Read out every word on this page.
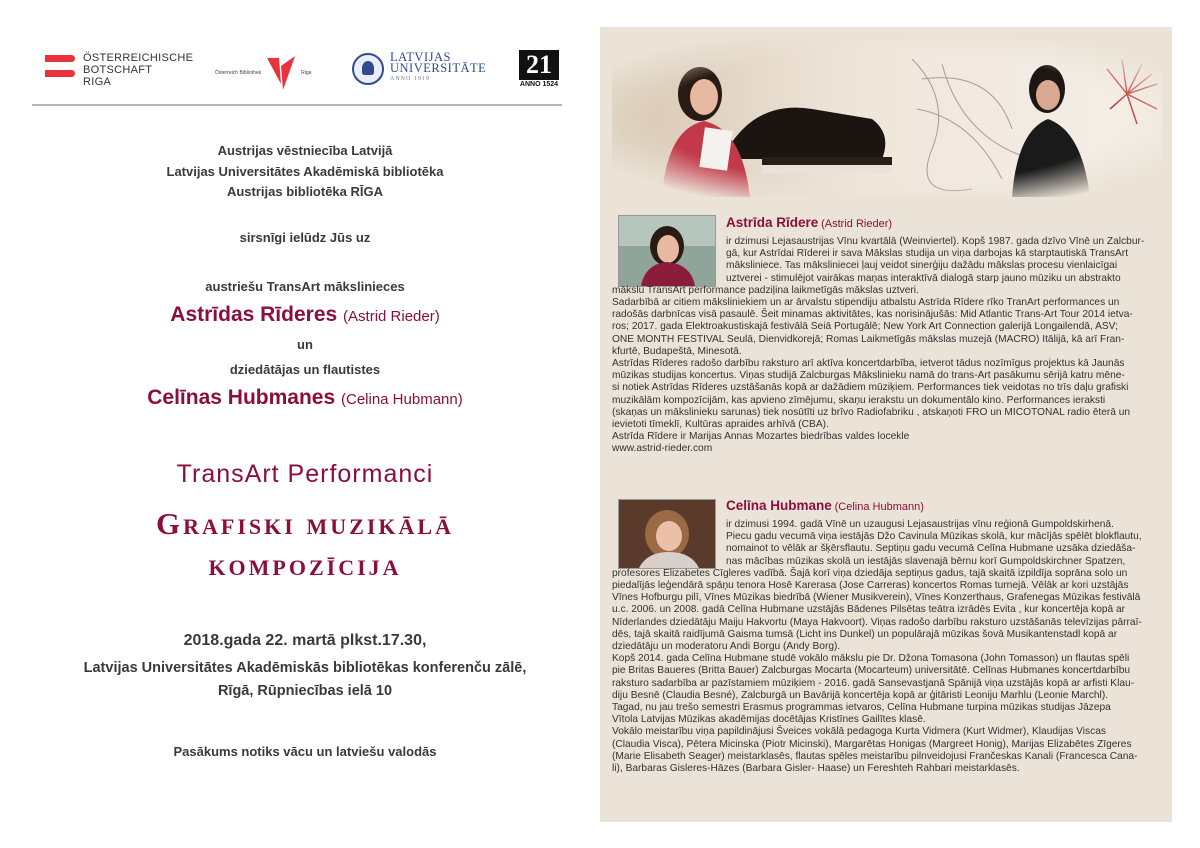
ÖSTERREICHISCHE
BOTSCHAFT
RIGA
Österreich Bibliothek	Riga
LATVIJAS
UNIVERSITĀTE
ANNO 1919	21
ANNO 1524
Austrijas vēstniecība Latvijā
Latvijas Universitātes Akadēmiskā bibliotēka
Austrijas bibliotēka RĪGA
sirsnīgi ielūdz Jūs uz
austriešu TransArt mākslinieces
Astrīdas Rīderes (Astrid Rieder)
un
dziedātājas un flautistes
Celīnas Hubmanes (Celina Hubmann)
TransArt Performanci
Grafiski muzikālā
kompozīcija
2018.gada 22. martā plkst.17.30,
Latvijas Universitātes Akadēmiskās bibliotēkas konferenču zālē,
Rīgā, Rūpniecības ielā 10
Pasākums notiks vācu un latviešu valodās
Astrīda Rīdere (Astrid Rieder)

ir dzimusi Lejasaustrijas Vīnu kvartālā (Weinviertel). Kopš 1987. gada dzīvo Vīnē un Zalcbur-

gā, kur Astrīdai Rīderei ir sava Mākslas studija un viņa darbojas kā starptautiskā TransArt

māksliniece. Tas māksliniecei ļauj veidot sinerģiju dažādu mākslas procesu vienlaicīgai

uztverei - stimulējot vairākas maņas interaktīvā dialogā starp jauno mūziku un abstrakto

mākslu TransArt performance padziļina laikmetīgās mākslas uztveri.

Sadarbībā ar citiem māksliniekiem un ar ārvalstu stipendiju atbalstu Astrīda Rīdere rīko TranArt performances un

radošās darbnīcas visā pasaulē. Šeit minamas aktivitātes, kas norisinājušās: Mid Atlantic Trans-Art Tour 2014 ietva-

ros; 2017. gada Elektroakustiskajā festivālā Seiā Portugālē; New York Art Connection galerijā Longailendā, ASV;

ONE MONTH FESTIVAL Seulā, Dienvidkorejā; Romas Laikmetīgās mākslas muzejā (MACRO) Itālijā, kā arī Fran-

kfurtē, Budapeštā, Minesotā.

Astrīdas Rīderes radošo darbību raksturo arī aktīva koncertdarbība, ietverot tādus nozīmīgus projektus kā Jaunās

mūzikas studijas koncertus. Viņas studijā Zalcburgas Mākslinieku namā do trans-Art pasākumu sērijā katru mēne-

si notiek Astrīdas Rīderes uzstāšanās kopā ar dažādiem mūziķiem. Performances tiek veidotas no trīs daļu grafiski

muzikālām kompozīcijām, kas apvieno zīmējumu, skaņu ierakstu un dokumentālo kino. Performances ieraksti

(skaņas un mākslinieku sarunas) tiek nosūtīti uz brīvo Radiofabriku , atskaņoti FRO un MICOTONAL radio ēterā un

ievietoti tīmeklī, Kultūras apraides arhīvā (CBA).

Astrīda Rīdere ir Marijas Annas Mozartes biedrības valdes locekle

www.astrid-rieder.com

Celīna Hubmane (Celina Hubmann)

ir dzimusi 1994. gadā Vīnē un uzaugusi Lejasaustrijas vīnu reģionā Gumpoldskirhenā.

Piecu gadu vecumā viņa iestājās Džo Cavinula Mūzikas skolā, kur mācījās spēlēt blokflautu,

nomainot to vēlāk ar šķērsflautu. Septiņu gadu vecumā Celīna Hubmane uzsāka dziedāša-

nas mācības mūzikas skolā un iestājās slavenajā bērnu korī Gumpoldskirchner Spatzen,

profesores Elizabetes Cīgleres vadībā. Šajā korī viņa dziedāja septiņus gadus, tajā skaitā izpildīja soprāna solo un

piedalījās leģendārā spāņu tenora Hosē Karerasa (Jose Carreras) koncertos Romas turnejā. Vēlāk ar kori uzstājās

Vīnes Hofburgu pilī, Vīnes Mūzikas biedrībā (Wiener Musikverein), Vīnes Konzerthaus, Grafenegas Mūzikas festivālā

u.c. 2006. un 2008. gadā Celīna Hubmane uzstājās Bādenes Pilsētas teātra izrādēs Evita , kur koncertēja kopā ar

Nīderlandes dziedātāju Maiju Hakvortu (Maya Hakvoort). Viņas radošo darbību raksturo uzstāšanās televīzijas pārraī-

dēs, tajā skaitā raidījumā Gaisma tumsā (Licht ins Dunkel) un populārajā mūzikas šovā Musikantenstadl kopā ar

dziedātāju un moderatoru Andi Borgu (Andy Borg).

Kopš 2014. gada Celīna Hubmane studē vokālo mākslu pie Dr. Džona Tomasona (John Tomasson) un flautas spēli

pie Britas Baueres (Britta Bauer) Zalcburgas Mocarta (Mocarteum) universitātē. Celīnas Hubmanes koncertdarbību

raksturo sadarbība ar pazīstamiem mūziķiem - 2016. gadā Sansevastjanā Spānijā viņa uzstājās kopā ar arfisti Klau-

diju Besnē (Claudia Besné), Zalcburgā un Bavārijā koncertēja kopā ar ģitāristi Leoniju Marhlu (Leonie Marchl).

Tagad, nu jau trešo semestri Erasmus programmas ietvaros, Celīna Hubmane turpina mūzikas studijas Jāzepa

Vītola Latvijas Mūzikas akadēmijas docētājas Kristīnes Gailītes klasē.

Vokālo meistarību viņa papildinājusi Šveices vokālā pedagoga Kurta Vidmera (Kurt Widmer), Klaudijas Viscas

(Claudia Visca), Pētera Micinska (Piotr Micinski), Margarētas Honigas (Margreet Honig), Marijas Elizabētes Zīgeres

(Marie Elisabeth Seager) meistarklasēs, flautas spēles meistarību pilnveidojusi Frančeskas Kanali (Francesca Cana-

li), Barbaras Gisleres-Hāzes (Barbara Gisler- Haase) un Fereshteh Rahbari meistarklasēs.
